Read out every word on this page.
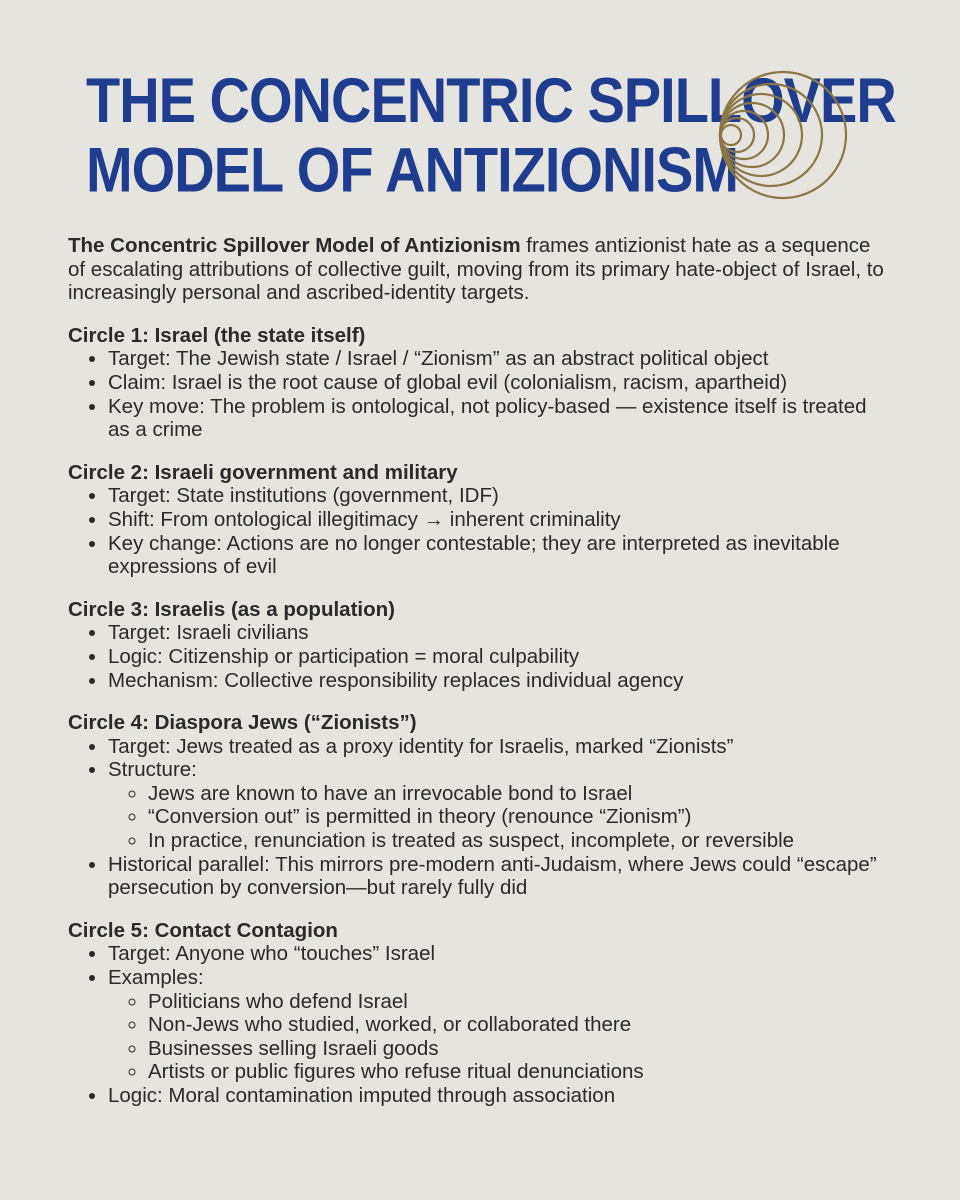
THE CONCENTRIC SPILLOVER
MODEL OF ANTIZIONISM

The Concentric Spillover Model of Antizionism frames antizionist hate as a sequence of escalating attributions of collective guilt, moving from its primary hate-object of Israel, to increasingly personal and ascribed-identity targets.

Circle 1: Israel (the state itself)
• Target: The Jewish state / Israel / “Zionism” as an abstract political object
• Claim: Israel is the root cause of global evil (colonialism, racism, apartheid)
• Key move: The problem is ontological, not policy-based — existence itself is treated as a crime
Circle 2: Israeli government and military
• Target: State institutions (government, IDF)
• Shift: From ontological illegitimacy → inherent criminality
• Key change: Actions are no longer contestable; they are interpreted as inevitable expressions of evil
Circle 3: Israelis (as a population)
• Target: Israeli civilians
• Logic: Citizenship or participation = moral culpability
• Mechanism: Collective responsibility replaces individual agency
Circle 4: Diaspora Jews (“Zionists”)
• Target: Jews treated as a proxy identity for Israelis, marked “Zionists”
• Structure:
◦ Jews are known to have an irrevocable bond to Israel
◦ “Conversion out” is permitted in theory (renounce “Zionism”)
◦ In practice, renunciation is treated as suspect, incomplete, or reversible
• Historical parallel: This mirrors pre-modern anti-Judaism, where Jews could “escape” persecution by conversion—but rarely fully did
Circle 5: Contact Contagion
• Target: Anyone who “touches” Israel
• Examples:
◦ Politicians who defend Israel
◦ Non-Jews who studied, worked, or collaborated there
◦ Businesses selling Israeli goods
◦ Artists or public figures who refuse ritual denunciations
• Logic: Moral contamination imputed through association
